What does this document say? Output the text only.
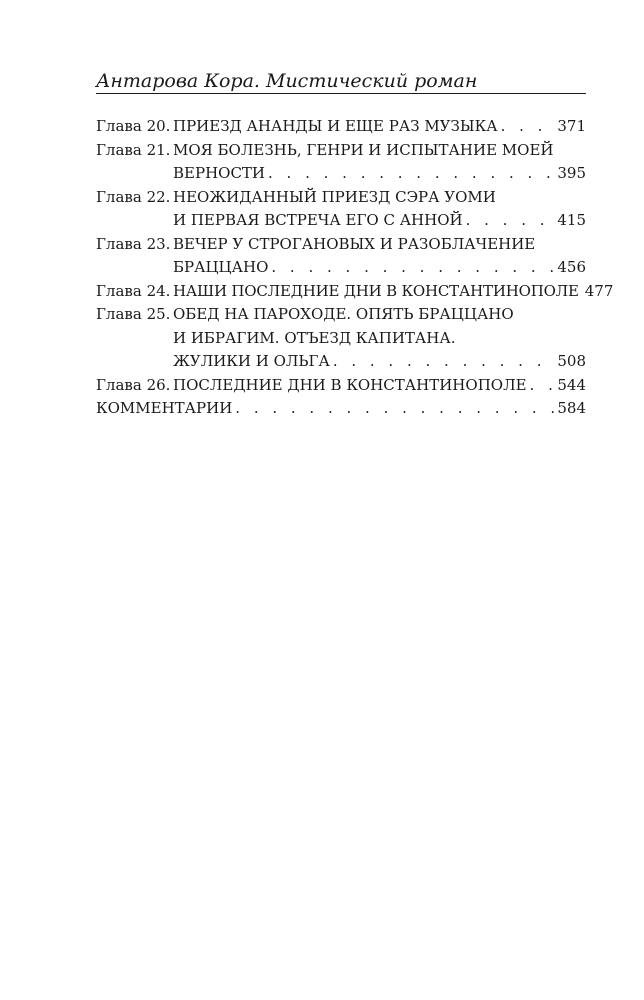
Антарова Кора. Мистический роман
Глава 20. ПРИЕЗД АНАНДЫ И ЕЩЕ РАЗ МУЗЫКА . . .	371
Глава 21. МОЯ БОЛЕЗНЬ, ГЕНРИ И ИСПЫТАНИЕ МОЕЙ
ВЕРНОСТИ . . .	395
Глава 22. НЕОЖИДАННЫЙ ПРИЕЗД СЭРА УОМИ
И ПЕРВАЯ ВСТРЕЧА ЕГО С АННОЙ . . .	415
Глава 23. ВЕЧЕР У СТРОГАНОВЫХ И РАЗОБЛАЧЕНИЕ
БРАЦЦАНО . . .	456
Глава 24. НАШИ ПОСЛЕДНИЕ ДНИ В КОНСТАНТИНОПОЛЕ 477
Глава 25. ОБЕД НА ПАРОХОДЕ. ОПЯТЬ БРАЦЦАНО
И ИБРАГИМ. ОТЪЕЗД КАПИТАНА.
ЖУЛИКИ И ОЛЬГА . . .	508
Глава 26. ПОСЛЕДНИЕ ДНИ В КОНСТАНТИНОПОЛЕ . . . 544
КОММЕНТАРИИ . . .	584
